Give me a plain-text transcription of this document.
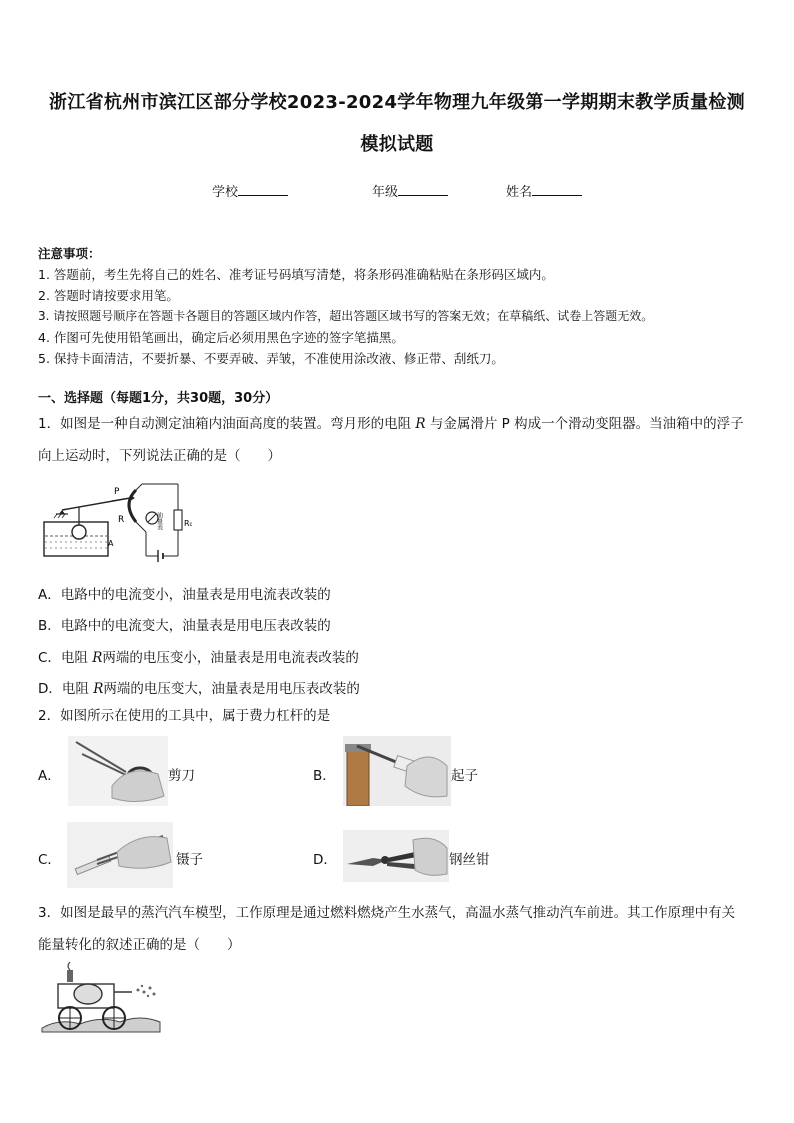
浙江省杭州市滨江区部分学校2023-2024学年物理九年级第一学期期末教学质量检测
模拟试题
学校	年级	姓名
注意事项：
1. 答题前，考生先将自己的姓名、准考证号码填写清楚，将条形码准确粘贴在条形码区域内。
2. 答题时请按要求用笔。
3. 请按照题号顺序在答题卡各题目的答题区域内作答，超出答题区域书写的答案无效；在草稿纸、试卷上答题无效。
4. 作图可先使用铅笔画出，确定后必须用黑色字迹的签字笔描黑。
5. 保持卡面清洁，不要折暴、不要弄破、弄皱，不准使用涂改液、修正带、刮纸刀。
一、选择题（每题1分，共30题，30分）
1．如图是一种自动测定油箱内油面高度的装置。弯月形的电阻 R 与金属滑片 P 构成一个滑动变阻器。当油箱中的浮子
向上运动时，下列说法正确的是（　　）
P
R	油量表	R₀
A
A．电路中的电流变小，油量表是用电流表改装的
B．电路中的电流变大，油量表是用电压表改装的
C．电阻 R两端的电压变小，油量表是用电流表改装的
D．电阻 R两端的电压变大，油量表是用电压表改装的
2．如图所示在使用的工具中，属于费力杠杆的是
A．	剪刀	B．	起子
C．	镊子	D．	钢丝钳
3．如图是最早的蒸汽汽车模型，工作原理是通过燃料燃烧产生水蒸气，高温水蒸气推动汽车前进。其工作原理中有关
能量转化的叙述正确的是（　　）
